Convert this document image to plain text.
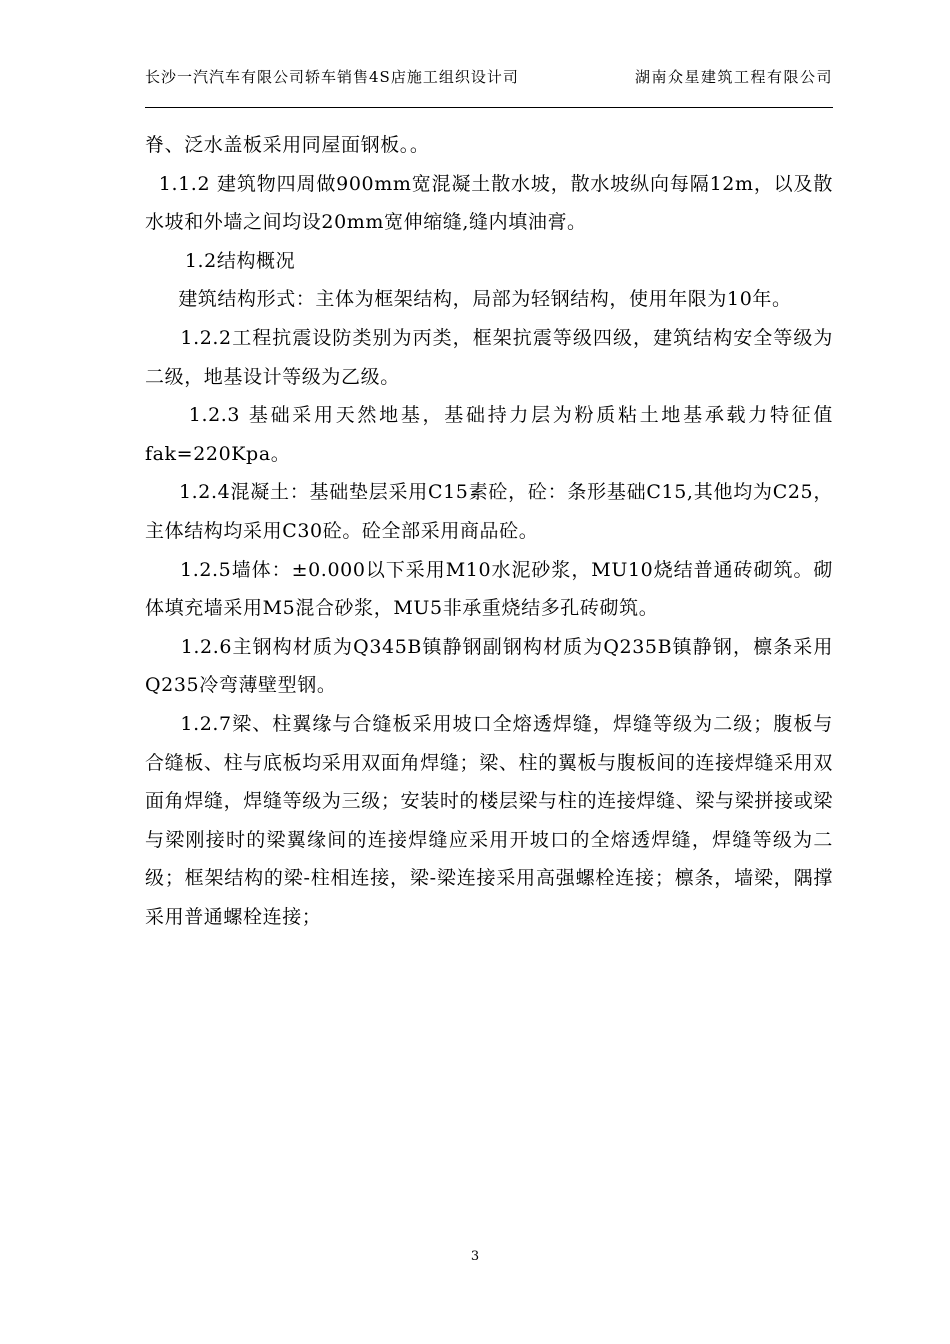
长沙一汽汽车有限公司轿车销售4S店施工组织设计司	湖南众星建筑工程有限公司

脊、泛水盖板采用同屋面钢板。。

1.1.2 建筑物四周做900mm宽混凝土散水坡，散水坡纵向每隔12m，以及散水坡和外墙之间均设20mm宽伸缩缝,缝内填油膏。

1.2结构概况

建筑结构形式：主体为框架结构，局部为轻钢结构，使用年限为10年。

1.2.2工程抗震设防类别为丙类，框架抗震等级四级，建筑结构安全等级为二级，地基设计等级为乙级。

1.2.3 基础采用天然地基，基础持力层为粉质粘土地基承载力特征值fak=220Kpa。

1.2.4混凝土：基础垫层采用C15素砼，砼：条形基础C15,其他均为C25，主体结构均采用C30砼。砼全部采用商品砼。

1.2.5墙体：±0.000以下采用M10水泥砂浆，MU10烧结普通砖砌筑。砌体填充墙采用M5混合砂浆，MU5非承重烧结多孔砖砌筑。

1.2.6主钢构材质为Q345B镇静钢副钢构材质为Q235B镇静钢，檩条采用Q235冷弯薄壁型钢。

1.2.7梁、柱翼缘与合缝板采用坡口全熔透焊缝，焊缝等级为二级；腹板与合缝板、柱与底板均采用双面角焊缝；梁、柱的翼板与腹板间的连接焊缝采用双面角焊缝，焊缝等级为三级；安装时的楼层梁与柱的连接焊缝、梁与梁拼接或梁与梁刚接时的梁翼缘间的连接焊缝应采用开坡口的全熔透焊缝，焊缝等级为二级；框架结构的梁-柱相连接，梁-梁连接采用高强螺栓连接；檩条，墙梁，隅撑采用普通螺栓连接；

3
